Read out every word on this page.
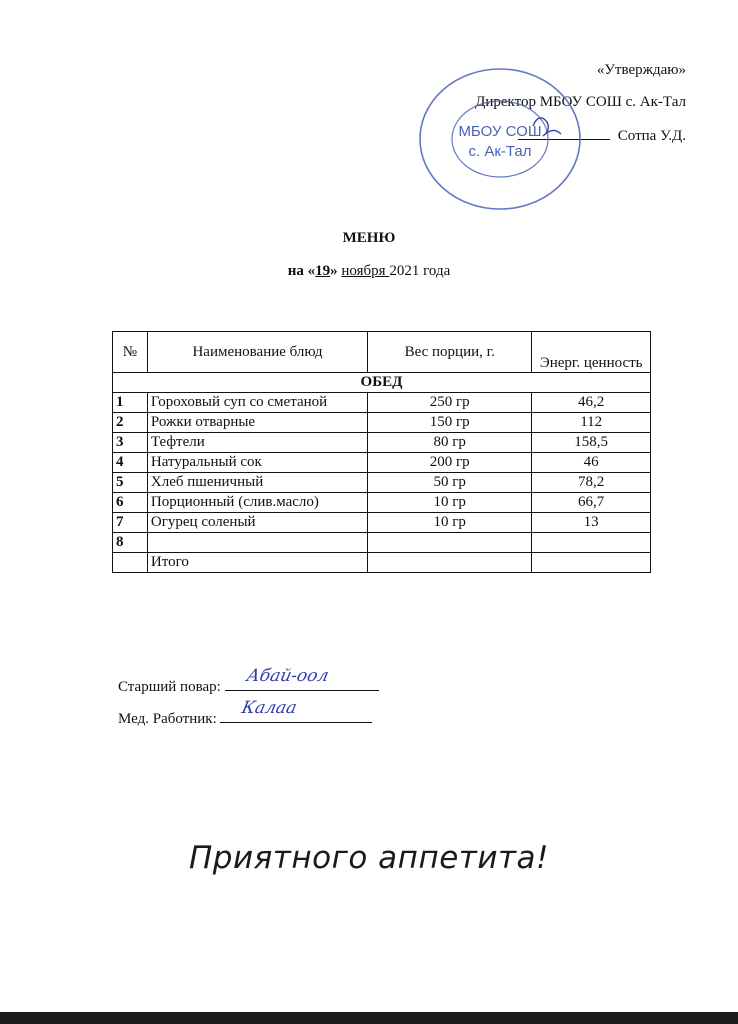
«Утверждаю»
Директор МБОУ СОШ с. Ак-Тал
Сотпа У.Д.
МБОУ СОШ
с. Ак-Тал
МЕНЮ
на «19» ноября 2021 года
№	Наименование блюд	Вес порции, г.	Энерг. ценность
ОБЕД			
1	Гороховый суп со сметаной	250 гр	46,2
2	Рожки отварные	150 гр	112
3	Тефтели	80 гр	158,5
4	Натуральный сок	200 гр	46
5	Хлеб пшеничный	50 гр	78,2
6	Порционный (слив.масло)	10 гр	66,7
7	Огурец соленый	10 гр	13
8			
	Итого		
Старший повар:
Абай-оол
Мед. Работник:
Калаа
Приятного аппетита!
